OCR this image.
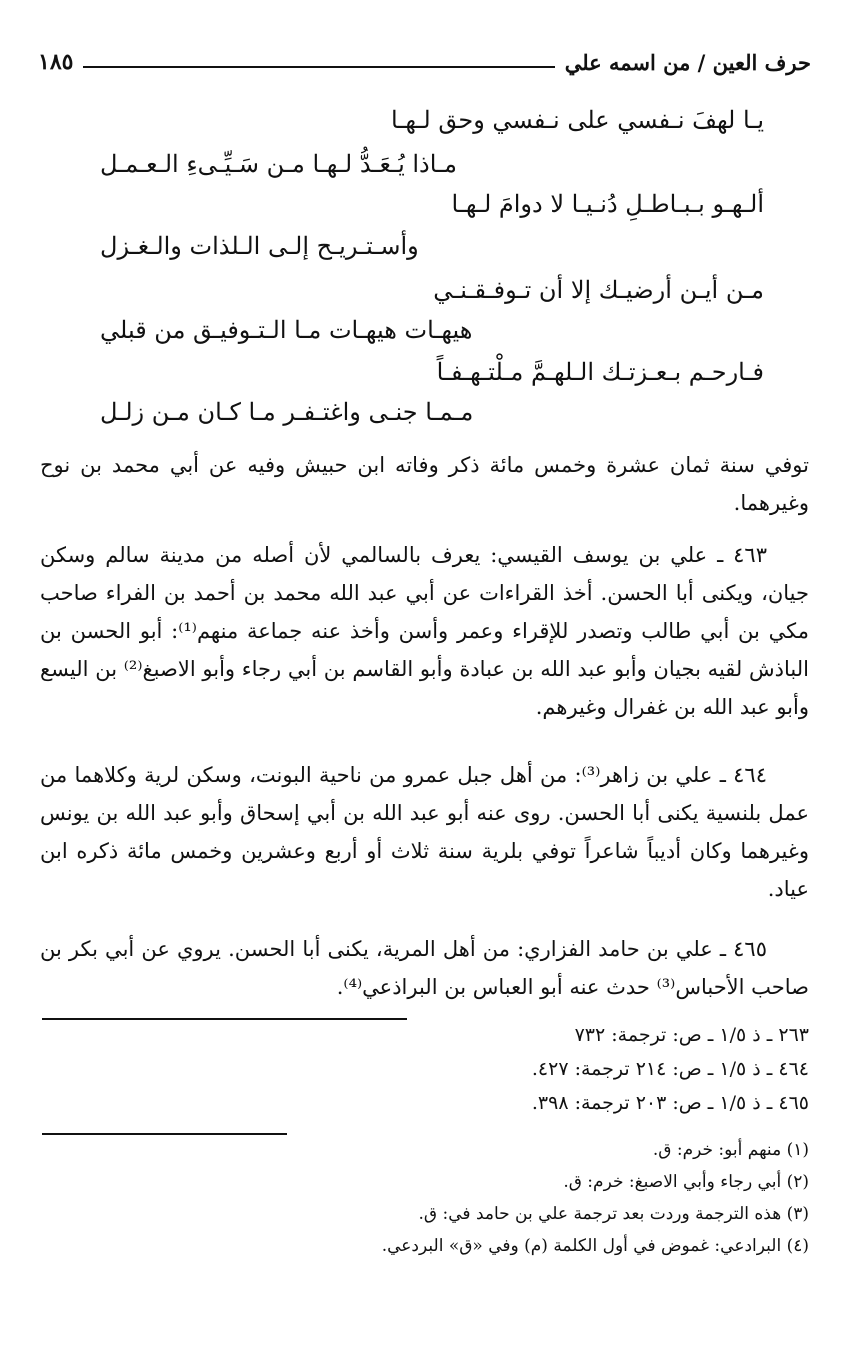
حرف العين / من اسمه علي
١٨٥
يـا لهفَ نـفسي على نـفسي وحق لـهـا
مـاذا يُـعَـدُّ لـهـا مـن سَـيِّـىءِ الـعـمـل
ألـهـو بـبـاطـلِ دُنـيـا لا دوامَ لـهـا
وأسـتـريـح إلـى الـلذات والـغـزل
مـن أيـن أرضيـك إلا أن تـوفـقـنـي
هيهـات هيهـات مـا الـتـوفيـق من قبلي
فـارحـم بـعـزتـك الـلهـمَّ مـلْتـهـفـاً
مـمـا جنـى واغتـفـر مـا كـان مـن زلـل

توفي سنة ثمان عشرة وخمس مائة ذكر وفاته ابن حبيش وفيه عن أبي محمد بن نوح وغيرهما.

٤٦٣ ـ علي بن يوسف القيسي: يعرف بالسالمي لأن أصله من مدينة سالم وسكن جيان، ويكنى أبا الحسن. أخذ القراءات عن أبي عبد الله محمد بن أحمد بن الفراء صاحب مكي بن أبي طالب وتصدر للإقراء وعمر وأسن وأخذ عنه جماعة منهم⁽¹⁾: أبو الحسن بن الباذش لقيه بجيان وأبو عبد الله بن عبادة وأبو القاسم بن أبي رجاء وأبو الاصبغ⁽²⁾ بن اليسع وأبو عبد الله بن غفرال وغيرهم.

٤٦٤ ـ علي بن زاهر⁽³⁾: من أهل جبل عمرو من ناحية البونت، وسكن لرية وكلاهما من عمل بلنسية يكنى أبا الحسن. روى عنه أبو عبد الله بن أبي إسحاق وأبو عبد الله بن يونس وغيرهما وكان أديباً شاعراً توفي بلرية سنة ثلاث أو أربع وعشرين وخمس مائة ذكره ابن عياد.

٤٦٥ ـ علي بن حامد الفزاري: من أهل المرية، يكنى أبا الحسن. يروي عن أبي بكر بن صاحب الأحباس⁽³⁾ حدث عنه أبو العباس بن البراذعي⁽⁴⁾.

٢٦٣ ـ ذ ١/٥ ـ ص: ترجمة: ٧٣٢
٤٦٤ ـ ذ ١/٥ ـ ص: ٢١٤ ترجمة: ٤٢٧.
٤٦٥ ـ ذ ١/٥ ـ ص: ٢٠٣ ترجمة: ٣٩٨.
(١) منهم أبو: خرم: ق.
(٢) أبي رجاء وأبي الاصبغ: خرم: ق.
(٣) هذه الترجمة وردت بعد ترجمة علي بن حامد في: ق.
(٤) البرادعي: غموض في أول الكلمة (م) وفي «ق» البردعي.
